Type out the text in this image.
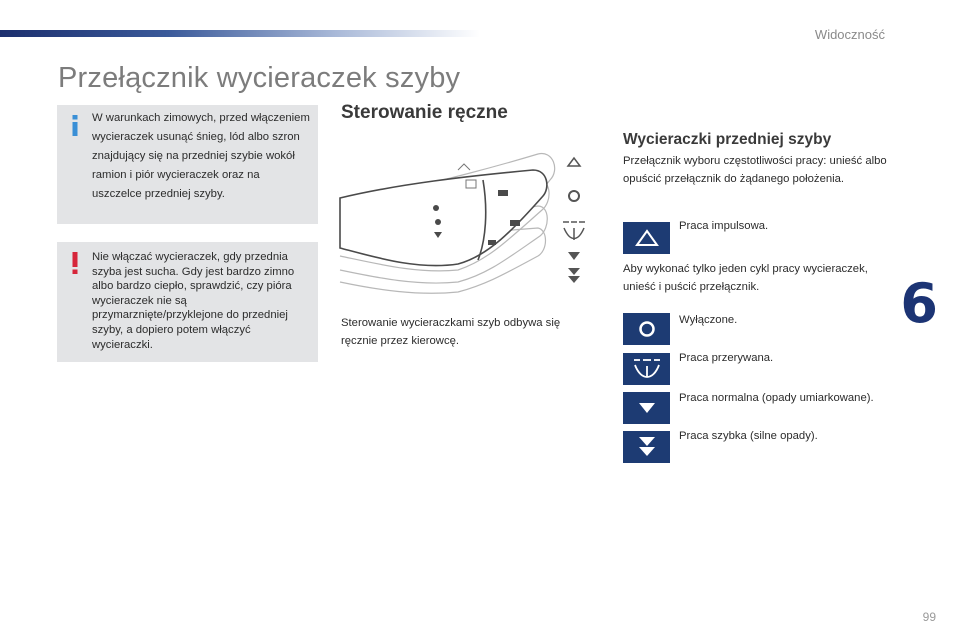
Widoczność
Przełącznik wycieraczek szyby
W warunkach zimowych, przed włączeniem wycieraczek usunąć śnieg, lód albo szron znajdujący się na przedniej szybie wokół ramion i piór wycieraczek oraz na uszczelce przedniej szyby.
Nie włączać wycieraczek, gdy przednia szyba jest sucha. Gdy jest bardzo zimno albo bardzo ciepło, sprawdzić, czy pióra wycieraczek nie są przymarznięte/przyklejone do przedniej szyby, a dopiero potem włączyć wycieraczki.
Sterowanie ręczne
Sterowanie wycieraczkami szyb odbywa się ręcznie przez kierowcę.
Wycieraczki przedniej szyby
Przełącznik wyboru częstotliwości pracy: unieść albo opuścić przełącznik do żądanego położenia.
Praca impulsowa.
Aby wykonać tylko jeden cykl pracy wycieraczek, unieść i puścić przełącznik.
Wyłączone.
Praca przerywana.
Praca normalna (opady umiarkowane).
Praca szybka (silne opady).
6
99
